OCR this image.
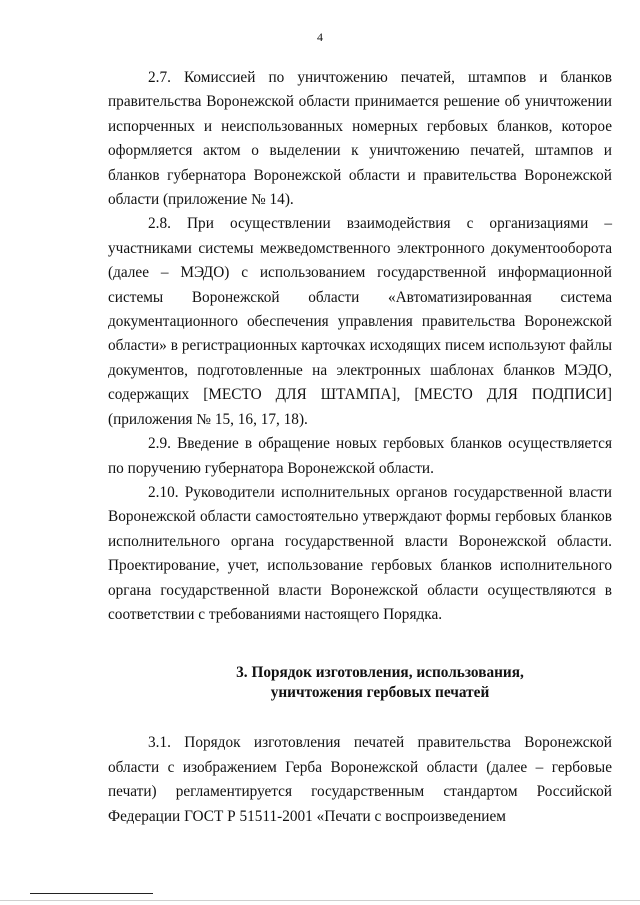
4

2.7. Комиссией по уничтожению печатей, штампов и бланков правительства Воронежской области принимается решение об уничтожении испорченных и неиспользованных номерных гербовых бланков, которое оформляется актом о выделении к уничтожению печатей, штампов и бланков губернатора Воронежской области и правительства Воронежской области (приложение № 14).

2.8. При осуществлении взаимодействия с организациями – участниками системы межведомственного электронного документооборота (далее – МЭДО) с использованием государственной информационной системы Воронежской области «Автоматизированная система документационного обеспечения управления правительства Воронежской области» в регистрационных карточках исходящих писем используют файлы документов, подготовленные на электронных шаблонах бланков МЭДО, содержащих [МЕСТО ДЛЯ ШТАМПА], [МЕСТО ДЛЯ ПОДПИСИ] (приложения № 15, 16, 17, 18).

2.9. Введение в обращение новых гербовых бланков осуществляется по поручению губернатора Воронежской области.

2.10. Руководители исполнительных органов государственной власти Воронежской области самостоятельно утверждают формы гербовых бланков исполнительного органа государственной власти Воронежской области. Проектирование, учет, использование гербовых бланков исполнительного органа государственной власти Воронежской области осуществляются в соответствии с требованиями настоящего Порядка.

3. Порядок изготовления, использования,
уничтожения гербовых печатей

3.1. Порядок изготовления печатей правительства Воронежской области с изображением Герба Воронежской области (далее – гербовые печати) регламентируется государственным стандартом Российской Федерации ГОСТ Р 51511-2001 «Печати с воспроизведением
